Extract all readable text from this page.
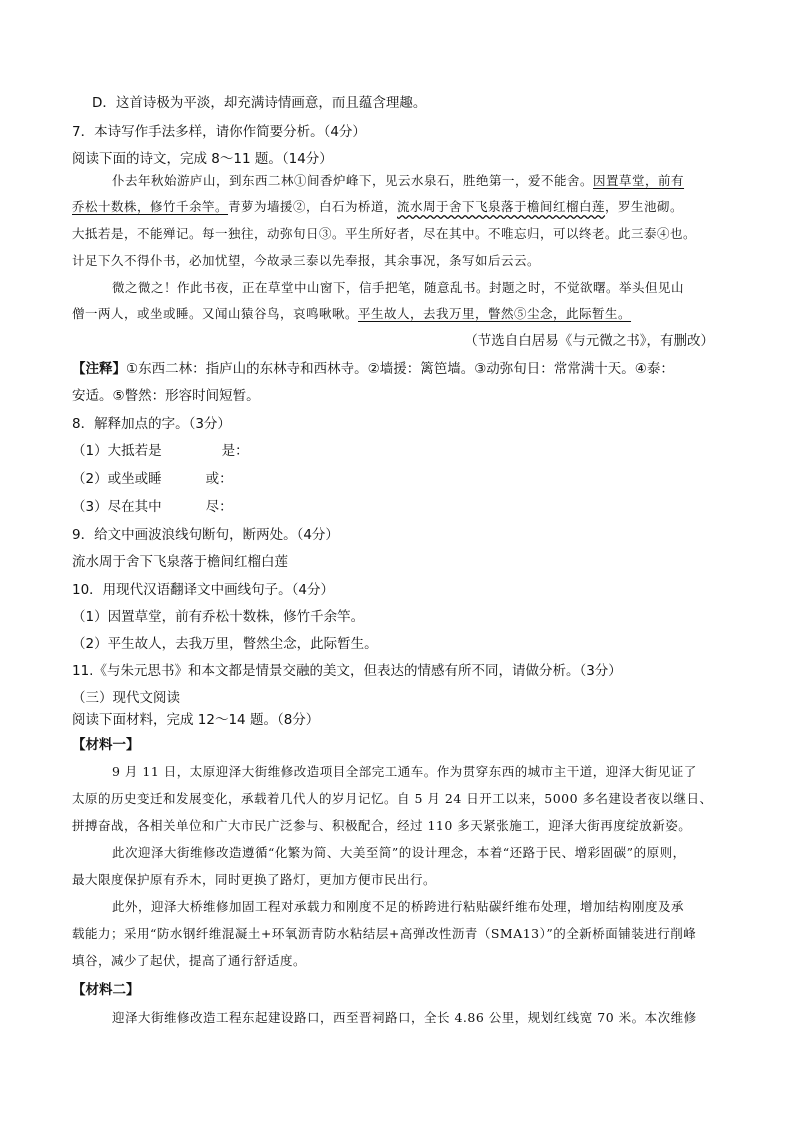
D．这首诗极为平淡，却充满诗情画意，而且蕴含理趣。
7．本诗写作手法多样，请你作简要分析。（4分）
阅读下面的诗文，完成 8～11 题。（14分）
仆去年秋始游庐山，到东西二林①间香炉峰下，见云水泉石，胜绝第一，爱不能舍。因置草堂，前有
乔松十数株，修竹千余竿。青萝为墙援②，白石为桥道，流水周于舍下飞泉落于檐间红榴白莲，罗生池砌。
大抵若是，不能殚记。每一独往，动弥旬日③。平生所好者，尽在其中。不唯忘归，可以终老。此三泰④也。
计足下久不得仆书，必加忧望，今故录三泰以先奉报，其余事况，条写如后云云。
微之微之！作此书夜，正在草堂中山窗下，信手把笔，随意乱书。封题之时，不觉欲曙。举头但见山
僧一两人，或坐或睡。又闻山猿谷鸟，哀鸣啾啾。平生故人，去我万里，瞥然⑤尘念，此际暂生。
（节选自白居易《与元微之书》，有删改）
【注释】①东西二林：指庐山的东林寺和西林寺。②墙援：篱笆墙。③动弥旬日：常常满十天。④泰：
安适。⑤瞥然：形容时间短暂。
8．解释加点的字。（3分）
（1）大抵若是	是：
（2）或坐或睡	或：
（3）尽在其中	尽：
9．给文中画波浪线句断句，断两处。（4分）
流水周于舍下飞泉落于檐间红榴白莲
10．用现代汉语翻译文中画线句子。（4分）
（1）因置草堂，前有乔松十数株，修竹千余竿。
（2）平生故人，去我万里，瞥然尘念，此际暂生。
11.《与朱元思书》和本文都是情景交融的美文，但表达的情感有所不同，请做分析。（3分）
（三）现代文阅读
阅读下面材料，完成 12～14 题。（8分）
【材料一】
9 月 11 日，太原迎泽大街维修改造项目全部完工通车。作为贯穿东西的城市主干道，迎泽大街见证了
太原的历史变迁和发展变化，承载着几代人的岁月记忆。自 5 月 24 日开工以来，5000 多名建设者夜以继日、
拼搏奋战，各相关单位和广大市民广泛参与、积极配合，经过 110 多天紧张施工，迎泽大街再度绽放新姿。
此次迎泽大街维修改造遵循“化繁为简、大美至简”的设计理念，本着“还路于民、增彩固碳”的原则，
最大限度保护原有乔木，同时更换了路灯，更加方便市民出行。
此外，迎泽大桥维修加固工程对承载力和刚度不足的桥跨进行粘贴碳纤维布处理，增加结构刚度及承
载能力；采用“防水钢纤维混凝土+环氧沥青防水粘结层+高弹改性沥青（SMA13）”的全新桥面铺装进行削峰
填谷，减少了起伏，提高了通行舒适度。
【材料二】
迎泽大街维修改造工程东起建设路口，西至晋祠路口，全长 4.86 公里，规划红线宽 70 米。本次维修
